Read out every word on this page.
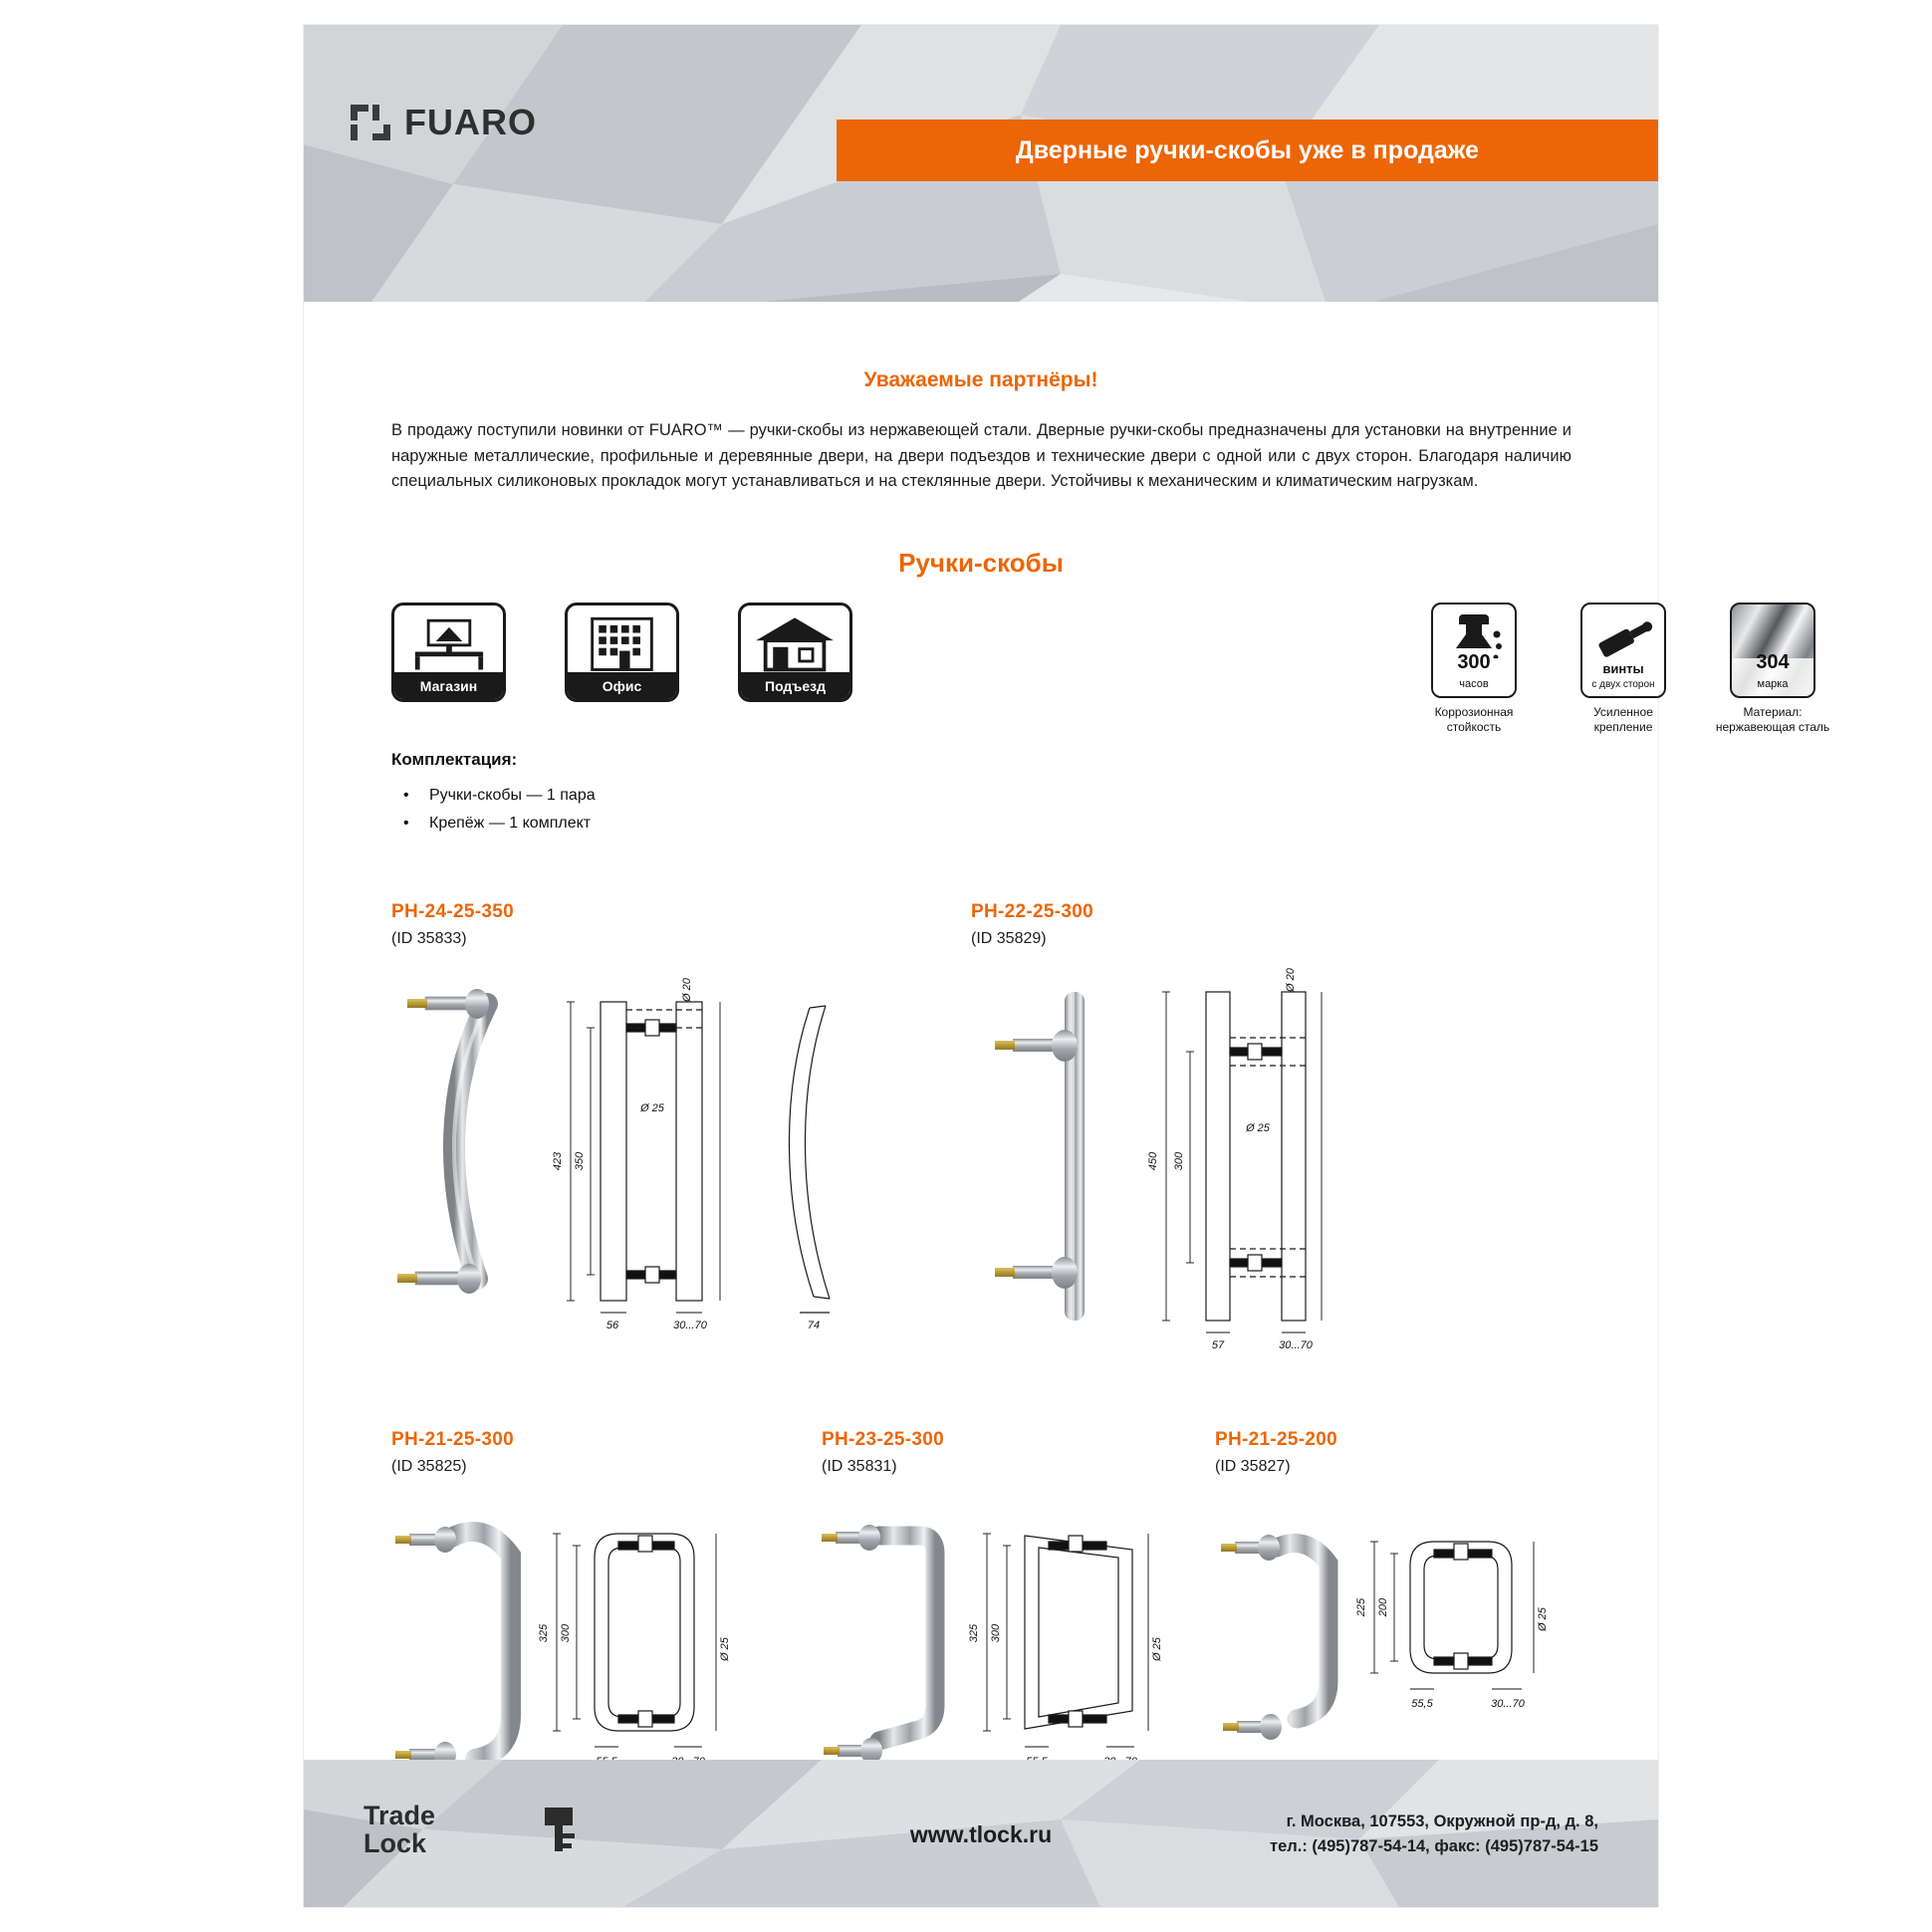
FUARO
Дверные ручки-скобы уже в продаже
Уважаемые партнёры!
В продажу поступили новинки от FUARO™ — ручки-скобы из нержавеющей стали. Дверные ручки-скобы предназначены для установки на внутренние и наружные металлические, профильные и деревянные двери, на двери подъездов и технические двери с одной или с двух сторон. Благодаря наличию специальных силиконовых прокладок могут устанавливаться и на стеклянные двери. Устойчивы к механическим и климатическим нагрузкам.
Ручки-скобы
Магазин	Офис	Подъезд
300
часов
Коррозионная
стойкость
винты
с двух сторон
Усиленное
крепление
304
марка
Материал:
нержавеющая сталь
Комплектация:
• Ручки-скобы — 1 пара
• Крепёж — 1 комплект
PH-24-25-350
(ID 35833)
423 350
56	30...70
Ø 20
Ø 25
74
PH-22-25-300
(ID 35829)
450 300
57	30...70
Ø 20
Ø 25
PH-21-25-300
(ID 35825)
325 300
Ø 25
PH-23-25-300
(ID 35831)
325 300
Ø 25
PH-21-25-200
(ID 35827)
225 200
55,5	30...70
Ø 25
Trade
Lock	www.tlock.ru	г. Москва, 107553, Окружной пр-д, д. 8,
тел.: (495)787-54-14, факс: (495)787-54-15
